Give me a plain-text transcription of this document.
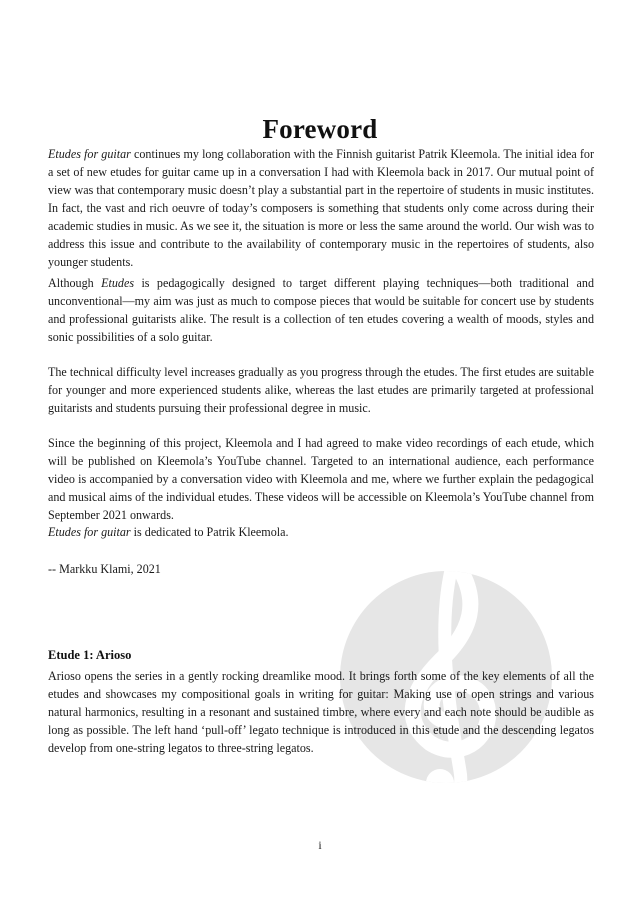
Foreword

Etudes for guitar continues my long collaboration with the Finnish guitarist Patrik Kleemola. The initial idea for a set of new etudes for guitar came up in a conversation I had with Kleemola back in 2017. Our mutual point of view was that contemporary music doesn’t play a substantial part in the repertoire of students in music institutes. In fact, the vast and rich oeuvre of today’s composers is something that students only come across during their academic studies in music. As we see it, the situation is more or less the same around the world. Our wish was to address this issue and contribute to the availability of contemporary music in the repertoires of students, also younger students.

Although Etudes is pedagogically designed to target different playing techniques—both traditional and unconventional—my aim was just as much to compose pieces that would be suitable for concert use by students and professional guitarists alike. The result is a collection of ten etudes covering a wealth of moods, styles and sonic possibilities of a solo guitar.

The technical difficulty level increases gradually as you progress through the etudes. The first etudes are suitable for younger and more experienced students alike, whereas the last etudes are primarily targeted at professional guitarists and students pursuing their professional degree in music.

Since the beginning of this project, Kleemola and I had agreed to make video recordings of each etude, which will be published on Kleemola’s YouTube channel. Targeted to an international audience, each performance video is accompanied by a conversation video with Kleemola and me, where we further explain the pedagogical and musical aims of the individual etudes. These videos will be accessible on Kleemola’s YouTube channel from September 2021 onwards.

Etudes for guitar is dedicated to Patrik Kleemola.

-- Markku Klami, 2021

Etude 1: Arioso

Arioso opens the series in a gently rocking dreamlike mood. It brings forth some of the key elements of all the etudes and showcases my compositional goals in writing for guitar: Making use of open strings and various natural harmonics, resulting in a resonant and sustained timbre, where every and each note should be audible as long as possible. The left hand ‘pull-off’ legato technique is introduced in this etude and the descending legatos develop from one-string legatos to three-string legatos.

i
